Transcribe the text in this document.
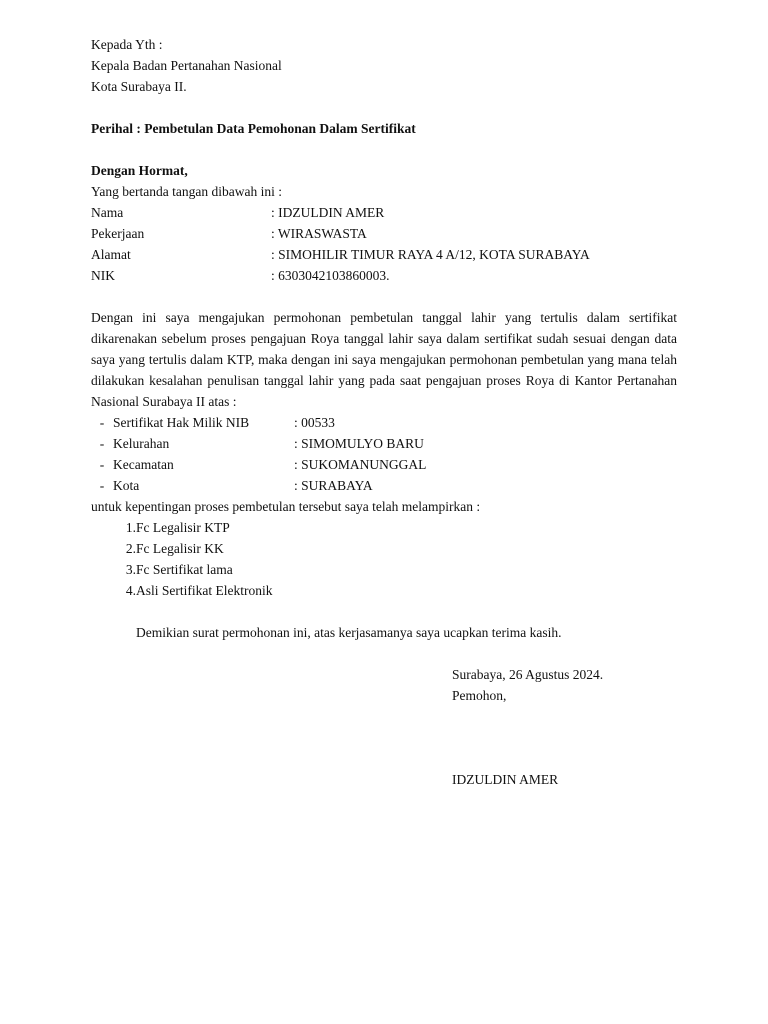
Kepada Yth :
Kepala Badan Pertanahan Nasional
Kota Surabaya II.
Perihal : Pembetulan Data Pemohonan Dalam Sertifikat
Dengan Hormat,
Yang bertanda tangan dibawah ini :
Nama	: IDZULDIN AMER
Pekerjaan	: WIRASWASTA
Alamat	: SIMOHILIR TIMUR RAYA 4 A/12, KOTA SURABAYA
NIK	: 6303042103860003.
Dengan ini saya mengajukan permohonan pembetulan tanggal lahir yang tertulis dalam sertifikat dikarenakan sebelum proses pengajuan Roya tanggal lahir saya dalam sertifikat sudah sesuai dengan data saya yang tertulis dalam KTP, maka dengan ini saya mengajukan permohonan pembetulan yang mana telah dilakukan kesalahan penulisan tanggal lahir yang pada saat pengajuan proses Roya di Kantor Pertanahan Nasional Surabaya II atas :
- Sertifikat Hak Milik NIB	: 00533
- Kelurahan	: SIMOMULYO BARU
- Kecamatan	: SUKOMANUNGGAL
- Kota	: SURABAYA
untuk kepentingan proses pembetulan tersebut saya telah melampirkan :
1. Fc Legalisir KTP
2. Fc Legalisir KK
3. Fc Sertifikat lama
4. Asli Sertifikat Elektronik
Demikian surat permohonan ini, atas kerjasamanya saya ucapkan terima kasih.
Surabaya, 26 Agustus 2024.
Pemohon,
IDZULDIN AMER
